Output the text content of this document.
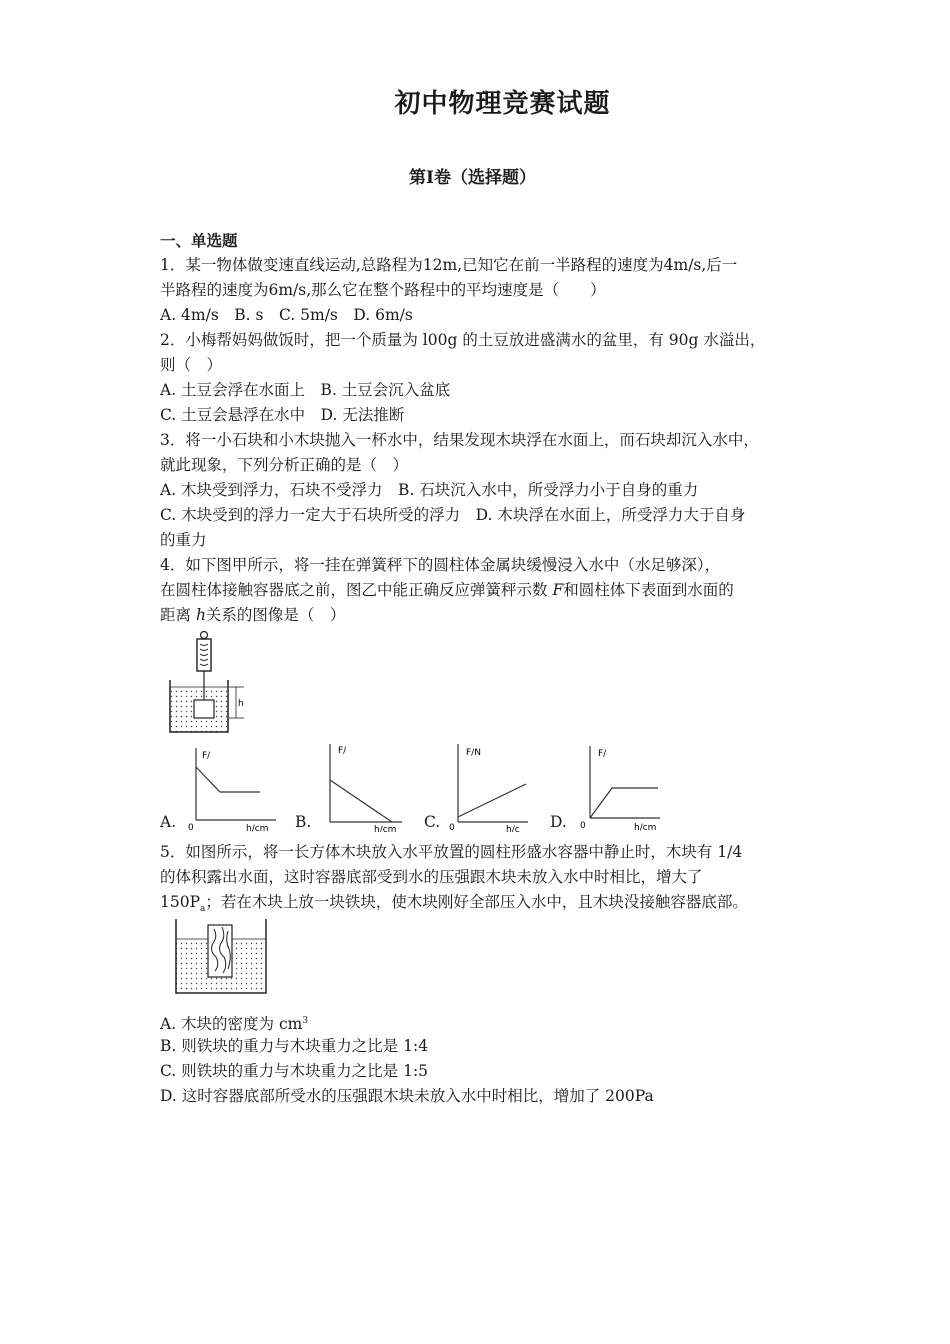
初中物理竞赛试题
第I卷（选择题）
一、单选题
1．某一物体做变速直线运动,总路程为12m,已知它在前一半路程的速度为4m/s,后一
半路程的速度为6m/s,那么它在整个路程中的平均速度是（　　）
A. 4m/s　B. s　C. 5m/s　D. 6m/s
2．小梅帮妈妈做饭时，把一个质量为 l00g 的土豆放进盛满水的盆里，有 90g 水溢出，
则（　）
A. 土豆会浮在水面上　B. 土豆会沉入盆底
C. 土豆会悬浮在水中　D. 无法推断
3．将一小石块和小木块抛入一杯水中，结果发现木块浮在水面上，而石块却沉入水中，
就此现象，下列分析正确的是（　）
A. 木块受到浮力，石块不受浮力　B. 石块沉入水中，所受浮力小于自身的重力
C. 木块受到的浮力一定大于石块所受的浮力　D. 木块浮在水面上，所受浮力大于自身
的重力
4．如下图甲所示，将一挂在弹簧秤下的圆柱体金属块缓慢浸入水中（水足够深），
在圆柱体接触容器底之前，图乙中能正确反应弹簧秤示数 F和圆柱体下表面到水面的
距离 h关系的图像是（　）
h
A.
F/
h/cm
0	B.
F/
h/cm C.
F/N
h/c
0	D.
F/
h/cm
0
5．如图所示，将一长方体木块放入水平放置的圆柱形盛水容器中静止时，木块有 1/4
的体积露出水面，这时容器底部受到水的压强跟木块未放入水中时相比，增大了
$150P_a$；若在木块上放一块铁块，使木块刚好全部压入水中，且木块没接触容器底部。
A. 木块的密度为 $cm^3$
B. 则铁块的重力与木块重力之比是 1:4
C. 则铁块的重力与木块重力之比是 1:5
D. 这时容器底部所受水的压强跟木块未放入水中时相比，增加了 200Pa
